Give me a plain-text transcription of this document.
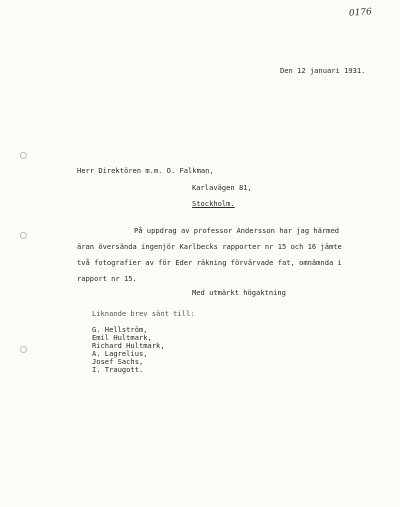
0176
Den 12 januari 1931.
Herr Direktören m.m. O. Falkman,
Karlavägen 81,
Stockholm.
På uppdrag av professor Andersson har jag härmed
äran översända ingenjör Karlbecks rapporter nr 15 och 16 jämte
två fotografier av för Eder räkning förvärvade fat, omnämnda i
rapport nr 15.
Med utmärkt högaktning
Liknande brev sänt till:
G. Hellström,
Emil Hultmark,
Richard Hultmark,
A. Lagrelius,
Josef Sachs,
I. Traugott.
